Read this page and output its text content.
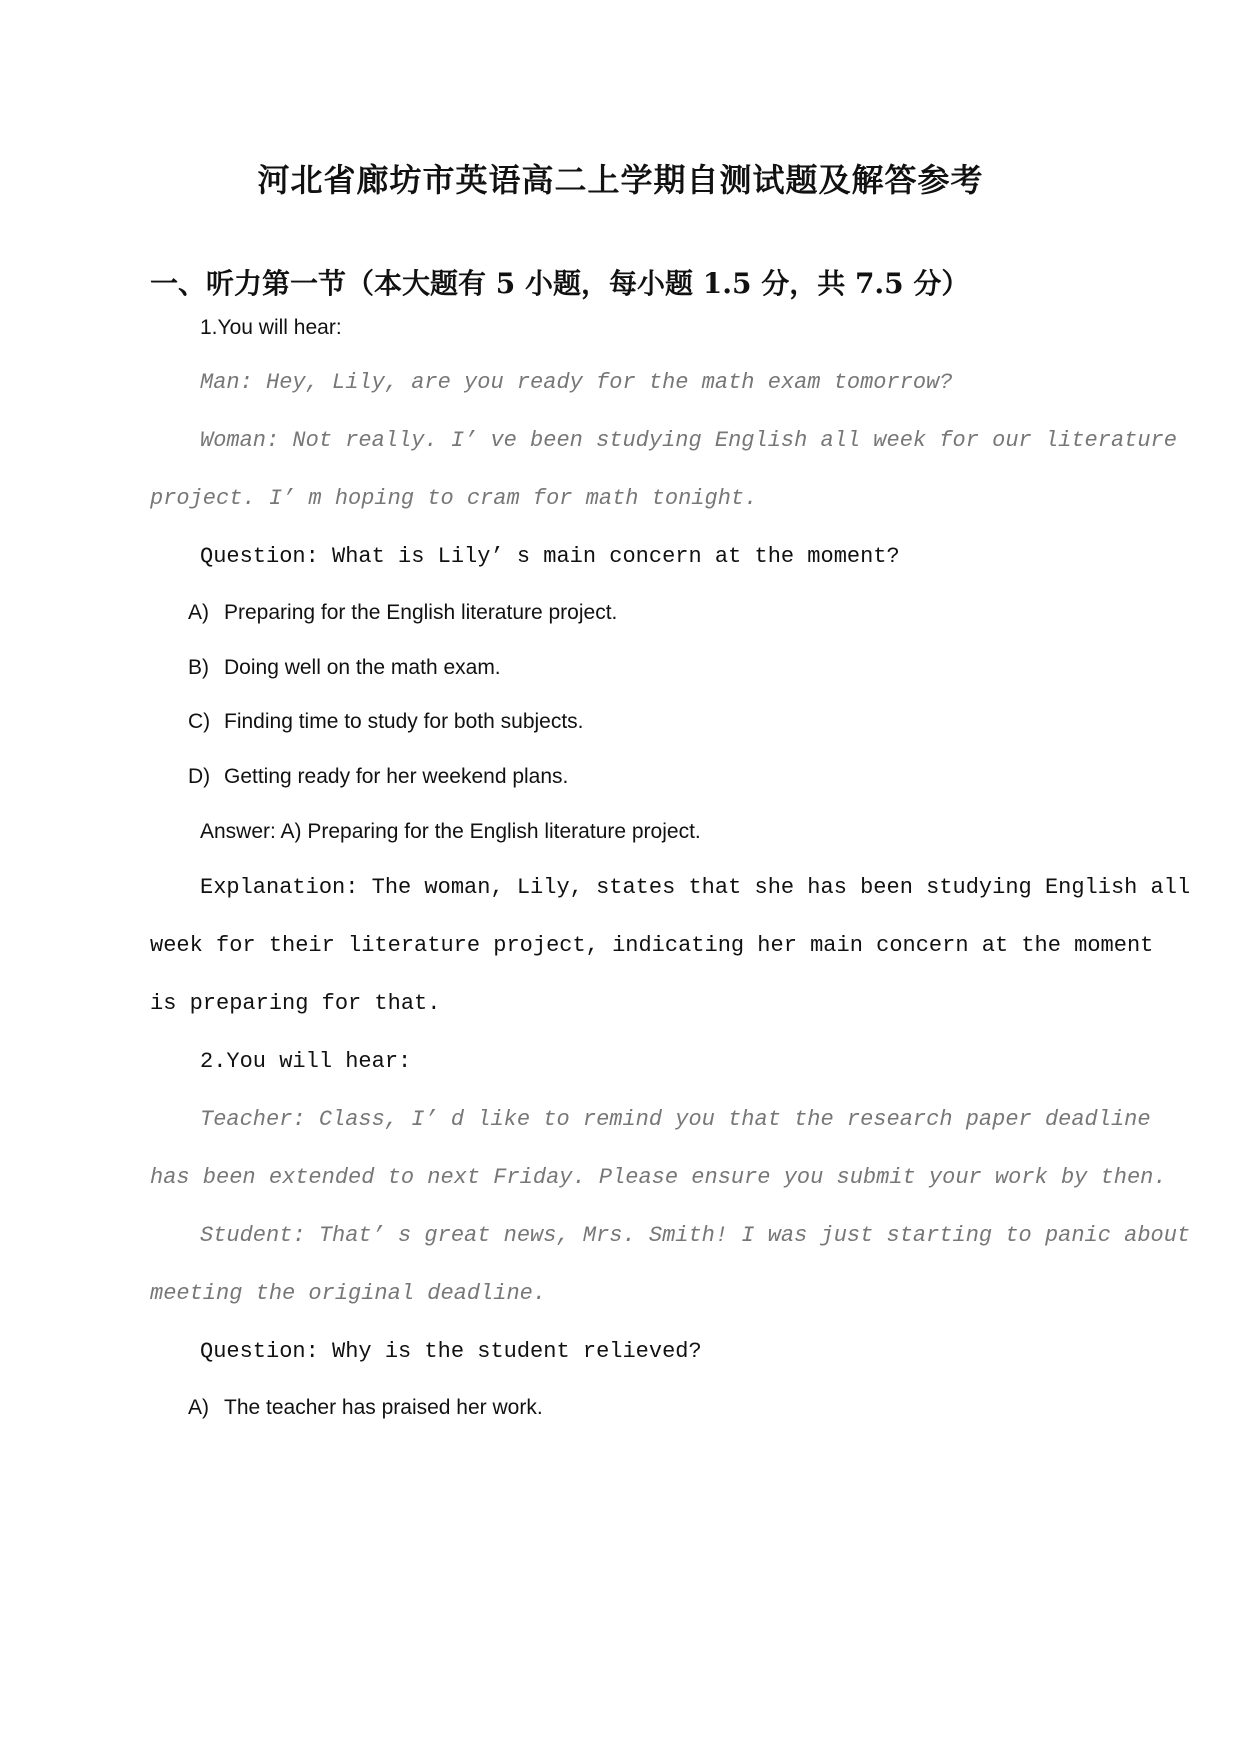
河北省廊坊市英语高二上学期自测试题及解答参考
一、听力第一节（本大题有 5 小题，每小题 1.5 分，共 7.5 分）
1.You will hear:
Man: Hey, Lily, are you ready for the math exam tomorrow?
Woman: Not really. I’ ve been studying English all week for our literature
project. I’ m hoping to cram for math tonight.
Question: What is Lily’ s main concern at the moment?
A) Preparing for the English literature project.
B) Doing well on the math exam.
C) Finding time to study for both subjects.
D) Getting ready for her weekend plans.
Answer: A) Preparing for the English literature project.
Explanation: The woman, Lily, states that she has been studying English all
week for their literature project, indicating her main concern at the moment
is preparing for that.
2.You will hear:
Teacher: Class, I’ d like to remind you that the research paper deadline
has been extended to next Friday. Please ensure you submit your work by then.
Student: That’ s great news, Mrs. Smith! I was just starting to panic about
meeting the original deadline.
Question: Why is the student relieved?
A) The teacher has praised her work.
